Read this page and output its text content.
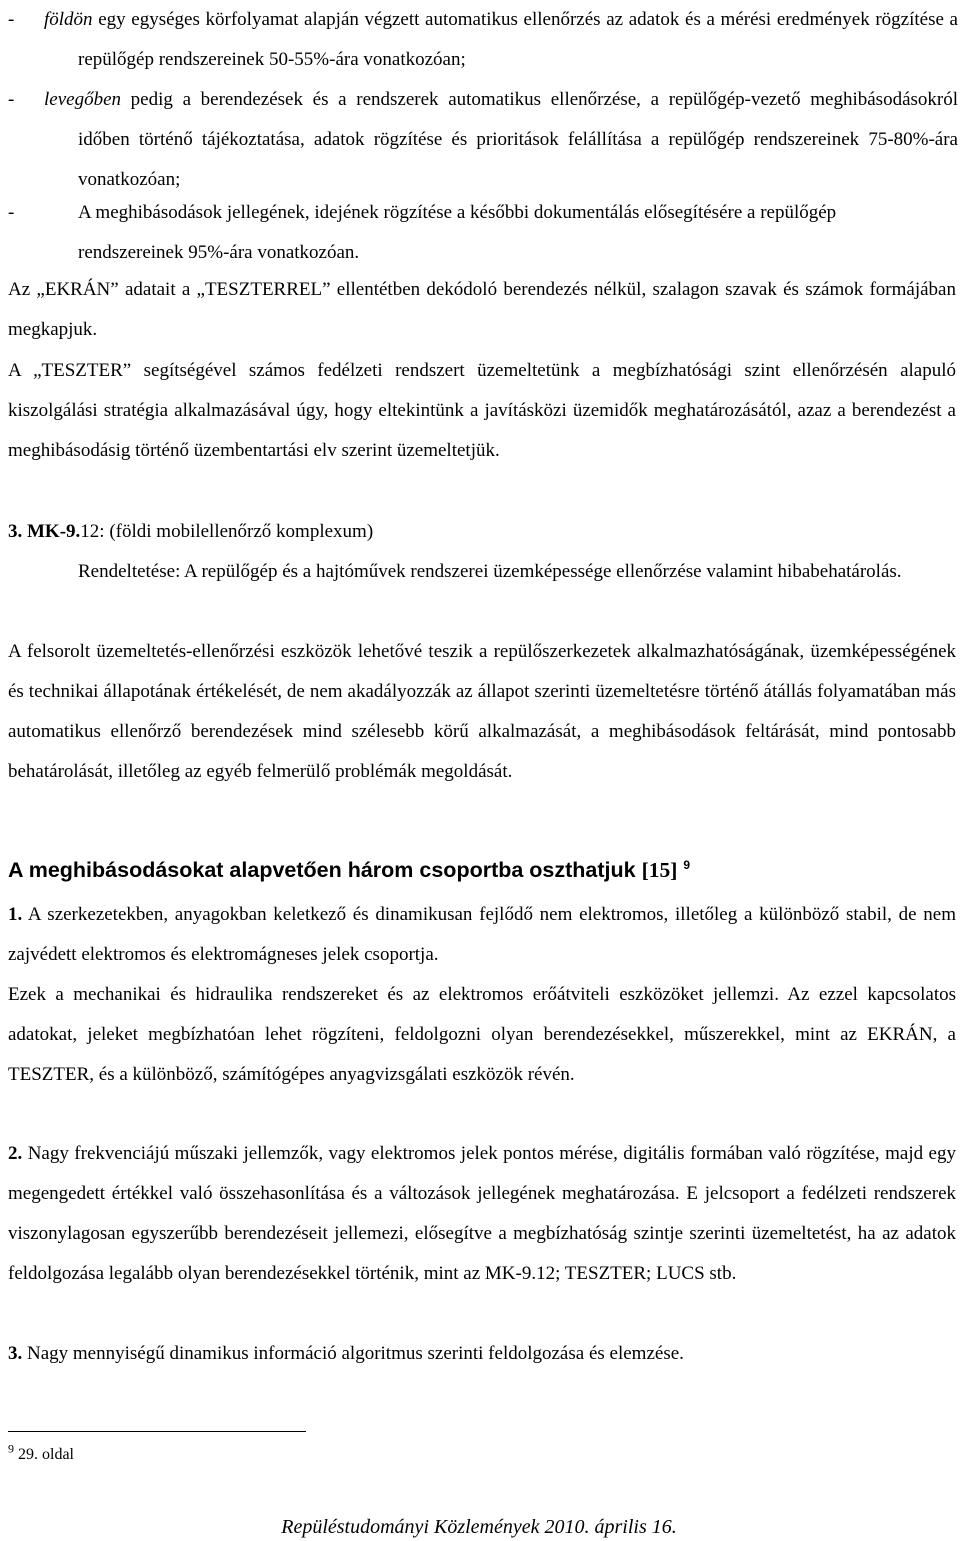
- földön egy egységes körfolyamat alapján végzett automatikus ellenőrzés az adatok és a mérési eredmények rögzítése a repülőgép rendszereinek 50-55%-ára vonatkozóan;
- levegőben pedig a berendezések és a rendszerek automatikus ellenőrzése, a repülőgép-vezető meghibásodásokról időben történő tájékoztatása, adatok rögzítése és prioritások felállítása a repülőgép rendszereinek 75-80%-ára vonatkozóan;
-	A meghibásodások jellegének, idejének rögzítése a későbbi dokumentálás elősegítésére a repülőgép rendszereinek 95%-ára vonatkozóan.
Az „EKRÁN” adatait a „TESZTERREL” ellentétben dekódoló berendezés nélkül, szalagon szavak és számok formájában megkapjuk.
A „TESZTER” segítségével számos fedélzeti rendszert üzemeltetünk a megbízhatósági szint ellenőrzésén alapuló kiszolgálási stratégia alkalmazásával úgy, hogy eltekintünk a javításközi üzemidők meghatározásától, azaz a berendezést a meghibásodásig történő üzembentartási elv szerint üzemeltetjük.
3. MK-9.12: (földi mobilellenőrző komplexum)
Rendeltetése: A repülőgép és a hajtóművek rendszerei üzemképessége ellenőrzése valamint hibabehatárolás.
A felsorolt üzemeltetés-ellenőrzési eszközök lehetővé teszik a repülőszerkezetek alkalmazhatóságának, üzemképességének és technikai állapotának értékelését, de nem akadályozzák az állapot szerinti üzemeltetésre történő átállás folyamatában más automatikus ellenőrző berendezések mind szélesebb körű alkalmazását, a meghibásodások feltárását, mind pontosabb behatárolását, illetőleg az egyéb felmerülő problémák megoldását.
A meghibásodásokat alapvetően három csoportba oszthatjuk [15] $^9$
1. A szerkezetekben, anyagokban keletkező és dinamikusan fejlődő nem elektromos, illetőleg a különböző stabil, de nem zajvédett elektromos és elektromágneses jelek csoportja.
Ezek a mechanikai és hidraulika rendszereket és az elektromos erőátviteli eszközöket jellemzi. Az ezzel kapcsolatos adatokat, jeleket megbízhatóan lehet rögzíteni, feldolgozni olyan berendezésekkel, műszerekkel, mint az EKRÁN, a TESZTER, és a különböző, számítógépes anyagvizsgálati eszközök révén.
2. Nagy frekvenciájú műszaki jellemzők, vagy elektromos jelek pontos mérése, digitális formában való rögzítése, majd egy megengedett értékkel való összehasonlítása és a változások jellegének meghatározása. E jelcsoport a fedélzeti rendszerek viszonylagosan egyszerűbb berendezéseit jellemezi, elősegítve a megbízhatóság szintje szerinti üzemeltetést, ha az adatok feldolgozása legalább olyan berendezésekkel történik, mint az MK-9.12; TESZTER; LUCS stb.
3. Nagy mennyiségű dinamikus információ algoritmus szerinti feldolgozása és elemzése.
$^9$ 29. oldal
Repüléstudományi Közlemények 2010. április 16.
